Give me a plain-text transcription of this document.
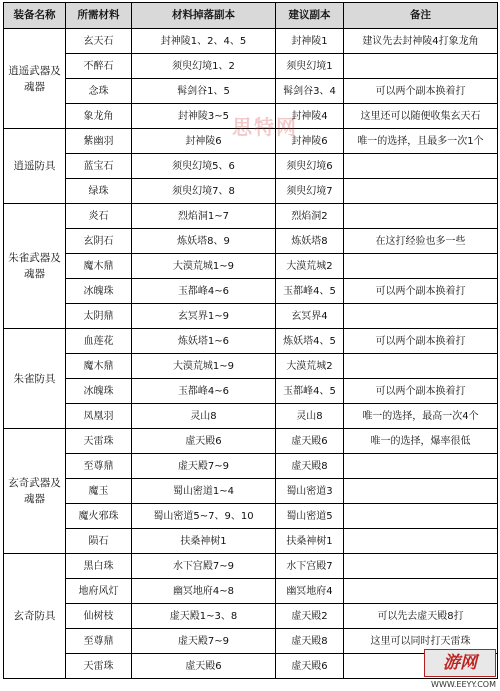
装备名称	所需材料	材料掉落副本	建议副本	备注
逍遥武器及魂器	玄天石	封神陵1、2、4、5	封神陵1	建议先去封神陵4打象龙角
	不醉石	须臾幻境1、2	须臾幻境1	
	念珠	髯剑谷1、5	髯剑谷3、4	可以两个副本换着打
	象龙角	封神陵3~5	封神陵4	这里还可以随便收集玄天石
逍遥防具	紫幽羽	封神陵6	封神陵6	唯一的选择，且最多一次1个
	蓝宝石	须臾幻境5、6	须臾幻境6	
	绿珠	须臾幻境7、8	须臾幻境7	
朱雀武器及魂器	炎石	烈焰洞1~7	烈焰洞2	
	玄阴石	炼妖塔8、9	炼妖塔8	在这打经验也多一些
	魔木鼎	大漠荒城1~9	大漠荒城2	
	冰魄珠	玉都峰4~6	玉都峰4、5	可以两个副本换着打
	太阴鼎	玄冥界1~9	玄冥界4	
朱雀防具	血莲花	炼妖塔1~6	炼妖塔4、5	可以两个副本换着打
	魔木鼎	大漠荒城1~9	大漠荒城2	
	冰魄珠	玉都峰4~6	玉都峰4、5	可以两个副本换着打
	凤凰羽	灵山8	灵山8	唯一的选择，最高一次4个
玄奇武器及魂器	天雷珠	虚天殿6	虚天殿6	唯一的选择，爆率很低
	至尊鼎	虚天殿7~9	虚天殿8	
	魔玉	蜀山密道1~4	蜀山密道3	
	魔火邪珠	蜀山密道5~7、9、10	蜀山密道5	
	陨石	扶桑神树1	扶桑神树1	
玄奇防具	黑白珠	水下宫殿7~9	水下宫殿7	
	地府风灯	幽冥地府4~8	幽冥地府4	
	仙树枝	虚天殿1~3、8	虚天殿2	可以先去虚天殿8打
	至尊鼎	虚天殿7~9	虚天殿8	这里可以同时打天雷珠
	天雷珠	虚天殿6	虚天殿6	
思特网
游网
WWW.EEYY.COM
